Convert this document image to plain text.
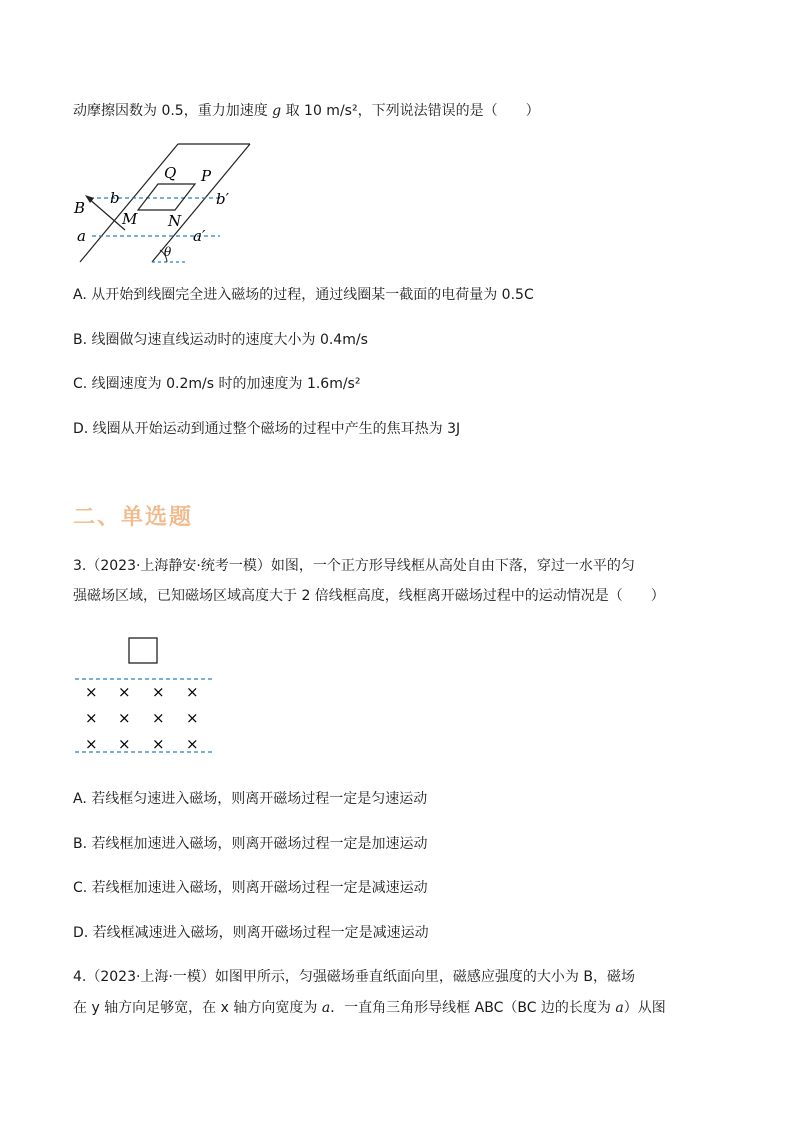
动摩擦因数为 0.5，重力加速度 g 取 10 m/s²，下列说法错误的是（　　）
Q P
b	b′
B
M N
a	a′
θ
A. 从开始到线圈完全进入磁场的过程，通过线圈某一截面的电荷量为 0.5C
B. 线圈做匀速直线运动时的速度大小为 0.4m/s
C. 线圈速度为 0.2m/s 时的加速度为 1.6m/s²
D. 线圈从开始运动到通过整个磁场的过程中产生的焦耳热为 3J
二、单选题
3.（2023·上海静安·统考一模）如图，一个正方形导线框从高处自由下落，穿过一水平的匀
强磁场区域，已知磁场区域高度大于 2 倍线框高度，线框离开磁场过程中的运动情况是（　　）
× × × ×
× × × ×
× × × ×
A. 若线框匀速进入磁场，则离开磁场过程一定是匀速运动
B. 若线框加速进入磁场，则离开磁场过程一定是加速运动
C. 若线框加速进入磁场，则离开磁场过程一定是减速运动
D. 若线框减速进入磁场，则离开磁场过程一定是减速运动
4.（2023·上海·一模）如图甲所示，匀强磁场垂直纸面向里，磁感应强度的大小为 B，磁场
在 y 轴方向足够宽，在 x 轴方向宽度为 a．一直角三角形导线框 ABC（BC 边的长度为 a）从图
